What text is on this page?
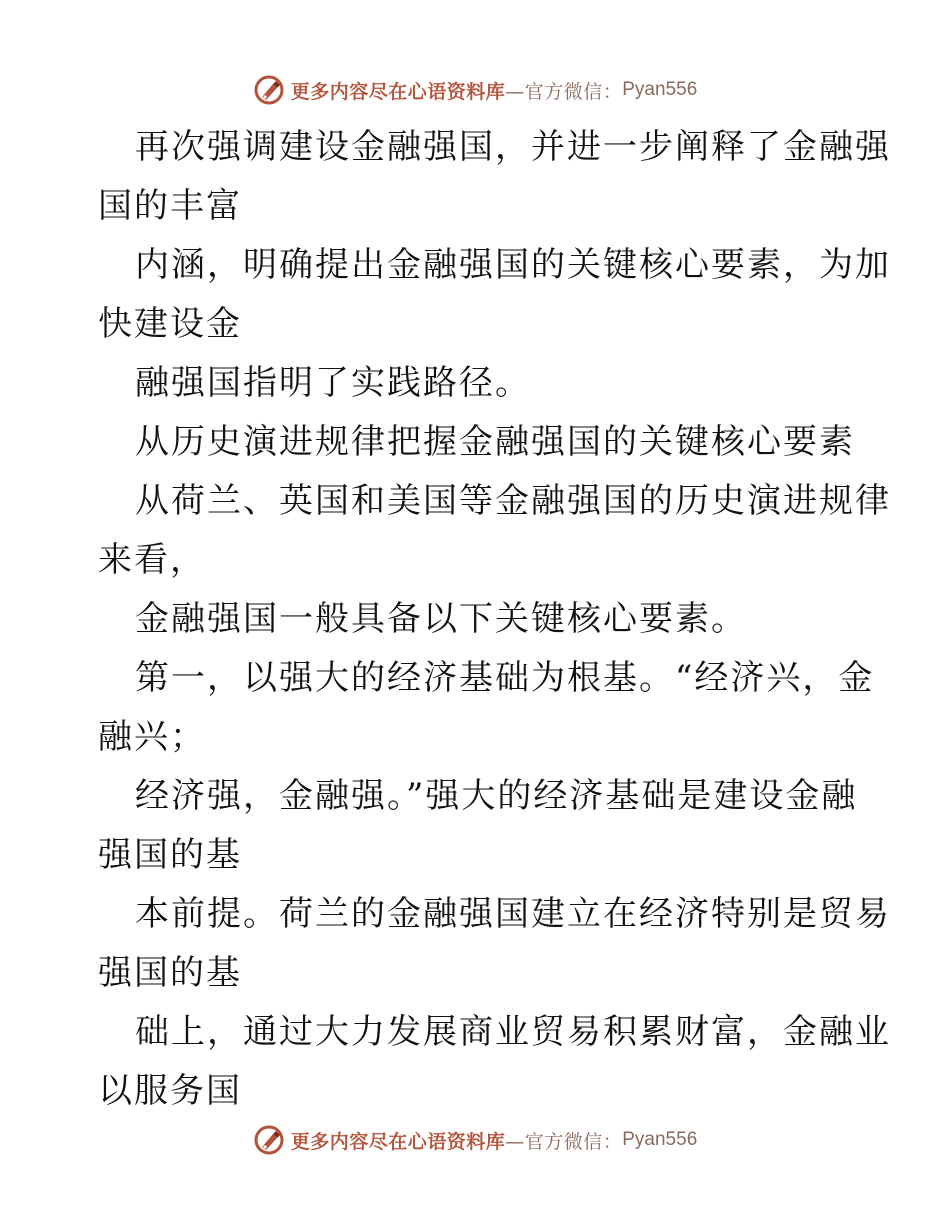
更多内容尽在心语资料库 —官方微信： Pyan556
再次强调建设金融强国，并进一步阐释了金融强
国的丰富
内涵，明确提出金融强国的关键核心要素，为加
快建设金
融强国指明了实践路径。
从历史演进规律把握金融强国的关键核心要素
从荷兰、英国和美国等金融强国的历史演进规律
来看，
金融强国一般具备以下关键核心要素。
第一，以强大的经济基础为根基。“经济兴，金
融兴；
经济强，金融强。”强大的经济基础是建设金融
强国的基
本前提。荷兰的金融强国建立在经济特别是贸易
强国的基
础上，通过大力发展商业贸易积累财富，金融业
以服务国
更多内容尽在心语资料库 —官方微信： Pyan556
